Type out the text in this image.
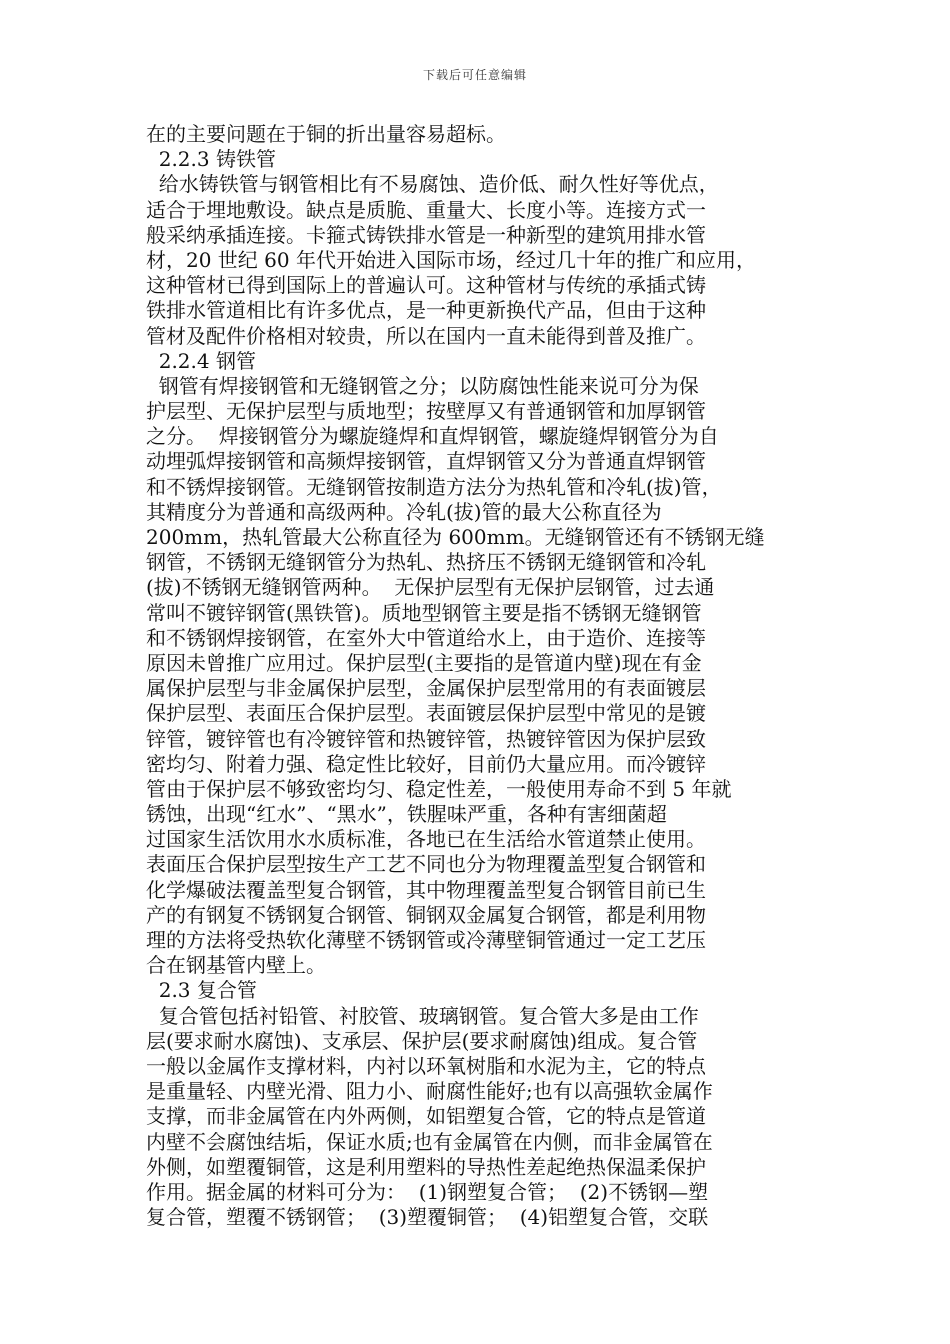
下载后可任意编辑
在的主要问题在于铜的折出量容易超标。
2.2.3 铸铁管
给水铸铁管与钢管相比有不易腐蚀、造价低、耐久性好等优点，
适合于埋地敷设。缺点是质脆、重量大、长度小等。连接方式一
般采纳承插连接。卡箍式铸铁排水管是一种新型的建筑用排水管
材，20 世纪 60 年代开始进入国际市场，经过几十年的推广和应用，
这种管材已得到国际上的普遍认可。这种管材与传统的承插式铸
铁排水管道相比有许多优点，是一种更新换代产品，但由于这种
管材及配件价格相对较贵，所以在国内一直未能得到普及推广。
2.2.4 钢管
钢管有焊接钢管和无缝钢管之分；以防腐蚀性能来说可分为保
护层型、无保护层型与质地型；按壁厚又有普通钢管和加厚钢管
之分。  焊接钢管分为螺旋缝焊和直焊钢管，螺旋缝焊钢管分为自
动埋弧焊接钢管和高频焊接钢管，直焊钢管又分为普通直焊钢管
和不锈焊接钢管。无缝钢管按制造方法分为热轧管和冷轧(拔)管，
其精度分为普通和高级两种。冷轧(拔)管的最大公称直径为
200mm，热轧管最大公称直径为 600mm。无缝钢管还有不锈钢无缝
钢管，不锈钢无缝钢管分为热轧、热挤压不锈钢无缝钢管和冷轧
(拔)不锈钢无缝钢管两种。  无保护层型有无保护层钢管，过去通
常叫不镀锌钢管(黑铁管)。质地型钢管主要是指不锈钢无缝钢管
和不锈钢焊接钢管，在室外大中管道给水上，由于造价、连接等
原因未曾推广应用过。保护层型(主要指的是管道内壁)现在有金
属保护层型与非金属保护层型，金属保护层型常用的有表面镀层
保护层型、表面压合保护层型。表面镀层保护层型中常见的是镀
锌管，镀锌管也有冷镀锌管和热镀锌管，热镀锌管因为保护层致
密均匀、附着力强、稳定性比较好，目前仍大量应用。而冷镀锌
管由于保护层不够致密均匀、稳定性差，一般使用寿命不到 5 年就
锈蚀，出现“红水”、“黑水”，铁腥味严重，各种有害细菌超
过国家生活饮用水水质标准，各地已在生活给水管道禁止使用。
表面压合保护层型按生产工艺不同也分为物理覆盖型复合钢管和
化学爆破法覆盖型复合钢管，其中物理覆盖型复合钢管目前已生
产的有钢复不锈钢复合钢管、铜钢双金属复合钢管，都是利用物
理的方法将受热软化薄壁不锈钢管或冷薄壁铜管通过一定工艺压
合在钢基管内壁上。
2.3 复合管
复合管包括衬铅管、衬胶管、玻璃钢管。复合管大多是由工作
层(要求耐水腐蚀)、支承层、保护层(要求耐腐蚀)组成。复合管
一般以金属作支撑材料，内衬以环氧树脂和水泥为主，它的特点
是重量轻、内壁光滑、阻力小、耐腐性能好;也有以高强软金属作
支撑，而非金属管在内外两侧，如铝塑复合管，它的特点是管道
内壁不会腐蚀结垢，保证水质;也有金属管在内侧，而非金属管在
外侧，如塑覆铜管，这是利用塑料的导热性差起绝热保温柔保护
作用。据金属的材料可分为：  (1)钢塑复合管；  (2)不锈钢—塑
复合管，塑覆不锈钢管；  (3)塑覆铜管；  (4)铝塑复合管，交联
